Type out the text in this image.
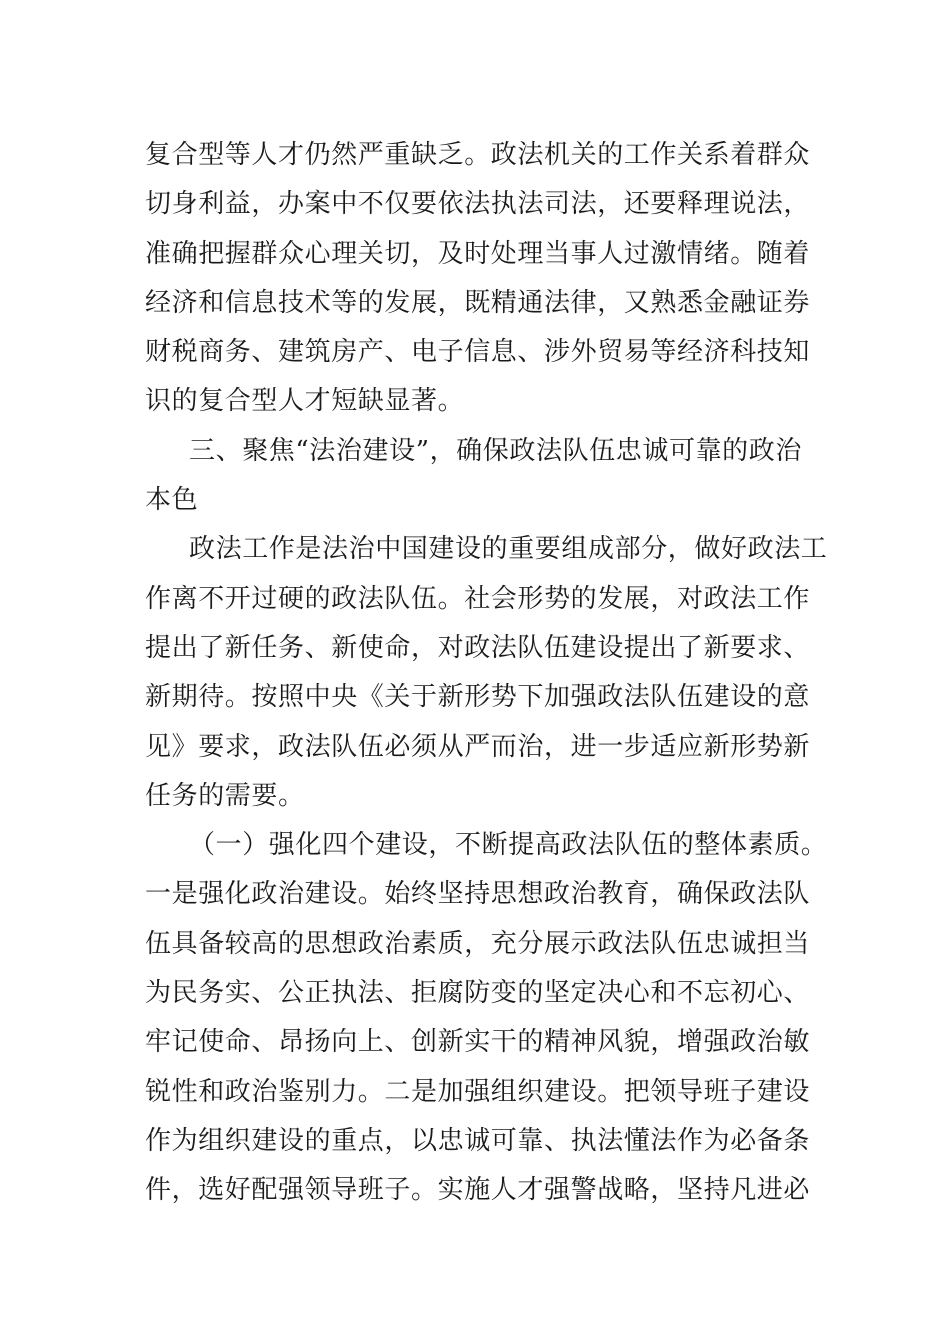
复合型等人才仍然严重缺乏。政法机关的工作关系着群众
切身利益，办案中不仅要依法执法司法，还要释理说法，
准确把握群众心理关切，及时处理当事人过激情绪。随着
经济和信息技术等的发展，既精通法律，又熟悉金融证券
财税商务、建筑房产、电子信息、涉外贸易等经济科技知
识的复合型人才短缺显著。
三、聚焦“法治建设”，确保政法队伍忠诚可靠的政治
本色
政法工作是法治中国建设的重要组成部分，做好政法工
作离不开过硬的政法队伍。社会形势的发展，对政法工作
提出了新任务、新使命，对政法队伍建设提出了新要求、
新期待。按照中央《关于新形势下加强政法队伍建设的意
见》要求，政法队伍必须从严而治，进一步适应新形势新
任务的需要。
（一）强化四个建设，不断提高政法队伍的整体素质。
一是强化政治建设。始终坚持思想政治教育，确保政法队
伍具备较高的思想政治素质，充分展示政法队伍忠诚担当
为民务实、公正执法、拒腐防变的坚定决心和不忘初心、
牢记使命、昂扬向上、创新实干的精神风貌，增强政治敏
锐性和政治鉴别力。二是加强组织建设。把领导班子建设
作为组织建设的重点，以忠诚可靠、执法懂法作为必备条
件，选好配强领导班子。实施人才强警战略，坚持凡进必
